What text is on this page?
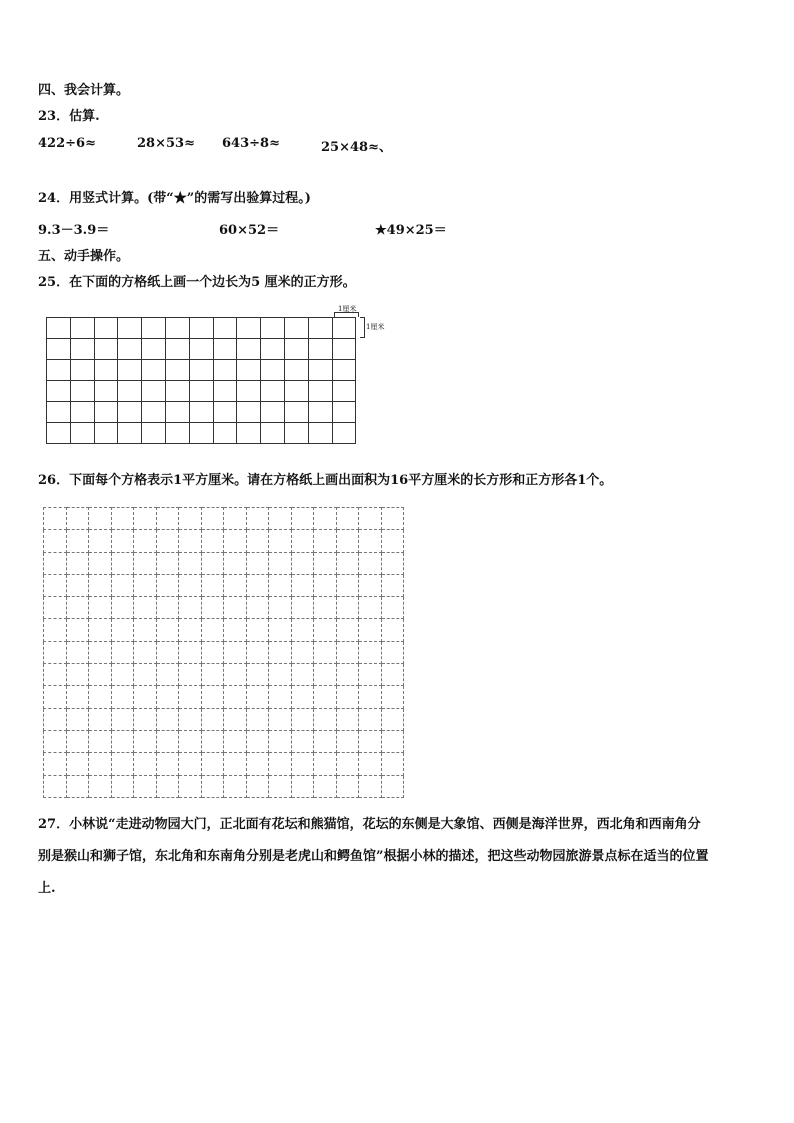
四、我会计算。
23．估算.
422÷6≈	28×53≈ 643÷8≈	25×48≈、
24．用竖式计算。(带“★”的需写出验算过程。)
9.3－3.9＝	60×52＝	★49×25＝
五、动手操作。
25．在下面的方格纸上画一个边长为5 厘米的正方形。
1厘米
1厘米

26．下面每个方格表示1平方厘米。请在方格纸上画出面积为16平方厘米的长方形和正方形各1个。

27．小林说“走进动物园大门，正北面有花坛和熊猫馆，花坛的东侧是大象馆、西侧是海洋世界，西北角和西南角分
别是猴山和狮子馆，东北角和东南角分别是老虎山和鳄鱼馆”根据小林的描述，把这些动物园旅游景点标在适当的位置
上.
